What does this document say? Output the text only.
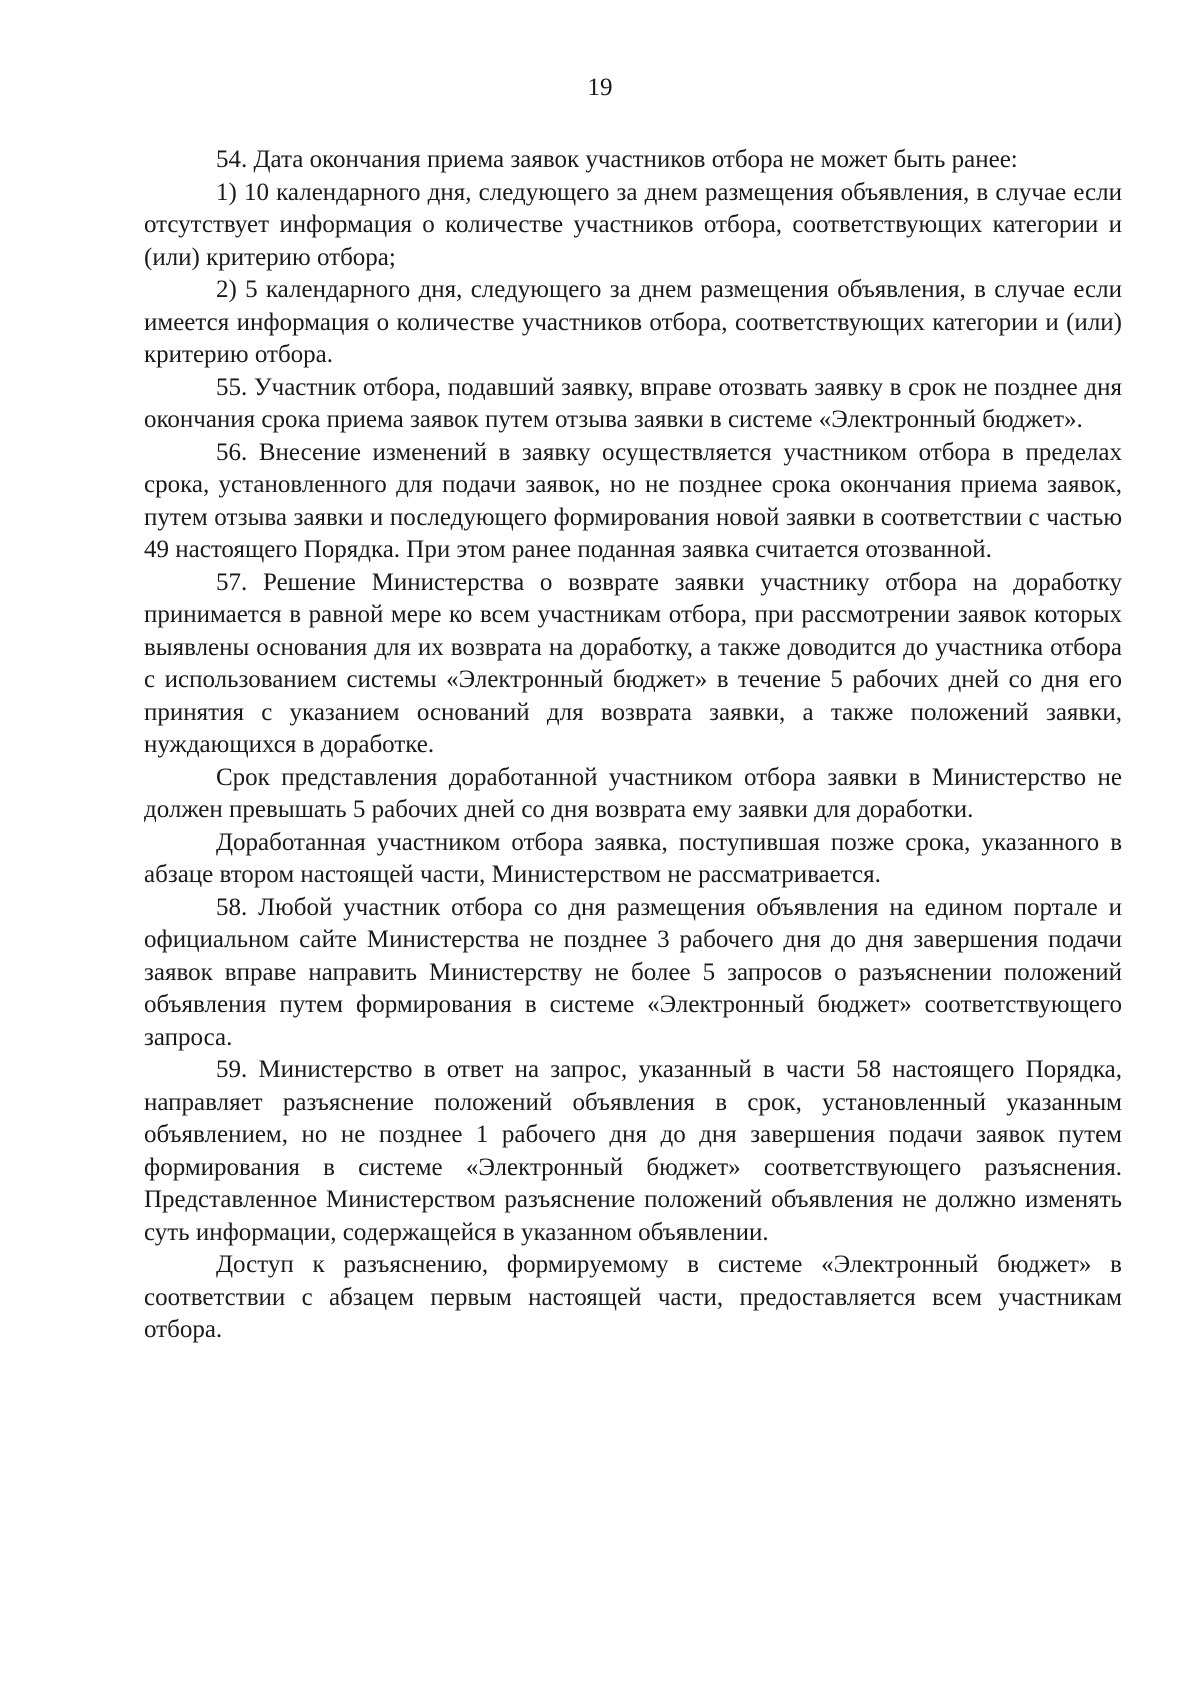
19

54. Дата окончания приема заявок участников отбора не может быть ранее:

1) 10 календарного дня, следующего за днем размещения объявления, в случае если отсутствует информация о количестве участников отбора, соответствующих категории и (или) критерию отбора;

2) 5 календарного дня, следующего за днем размещения объявления, в случае если имеется информация о количестве участников отбора, соответствующих категории и (или) критерию отбора.

55. Участник отбора, подавший заявку, вправе отозвать заявку в срок не позднее дня окончания срока приема заявок путем отзыва заявки в системе «Электронный бюджет».

56. Внесение изменений в заявку осуществляется участником отбора в пределах срока, установленного для подачи заявок, но не позднее срока окончания приема заявок, путем отзыва заявки и последующего формирования новой заявки в соответствии с частью 49 настоящего Порядка. При этом ранее поданная заявка считается отозванной.

57. Решение Министерства о возврате заявки участнику отбора на доработку принимается в равной мере ко всем участникам отбора, при рассмотрении заявок которых выявлены основания для их возврата на доработку, а также доводится до участника отбора с использованием системы «Электронный бюджет» в течение 5 рабочих дней со дня его принятия с указанием оснований для возврата заявки, а также положений заявки, нуждающихся в доработке.

Срок представления доработанной участником отбора заявки в Министерство не должен превышать 5 рабочих дней со дня возврата ему заявки для доработки.

Доработанная участником отбора заявка, поступившая позже срока, указанного в абзаце втором настоящей части, Министерством не рассматривается.

58. Любой участник отбора со дня размещения объявления на едином портале и официальном сайте Министерства не позднее 3 рабочего дня до дня завершения подачи заявок вправе направить Министерству не более 5 запросов о разъяснении положений объявления путем формирования в системе «Электронный бюджет» соответствующего запроса.

59. Министерство в ответ на запрос, указанный в части 58 настоящего Порядка, направляет разъяснение положений объявления в срок, установленный указанным объявлением, но не позднее 1 рабочего дня до дня завершения подачи заявок путем формирования в системе «Электронный бюджет» соответствующего разъяснения. Представленное Министерством разъяснение положений объявления не должно изменять суть информации, содержащейся в указанном объявлении.

Доступ к разъяснению, формируемому в системе «Электронный бюджет» в соответствии с абзацем первым настоящей части, предоставляется всем участникам отбора.
